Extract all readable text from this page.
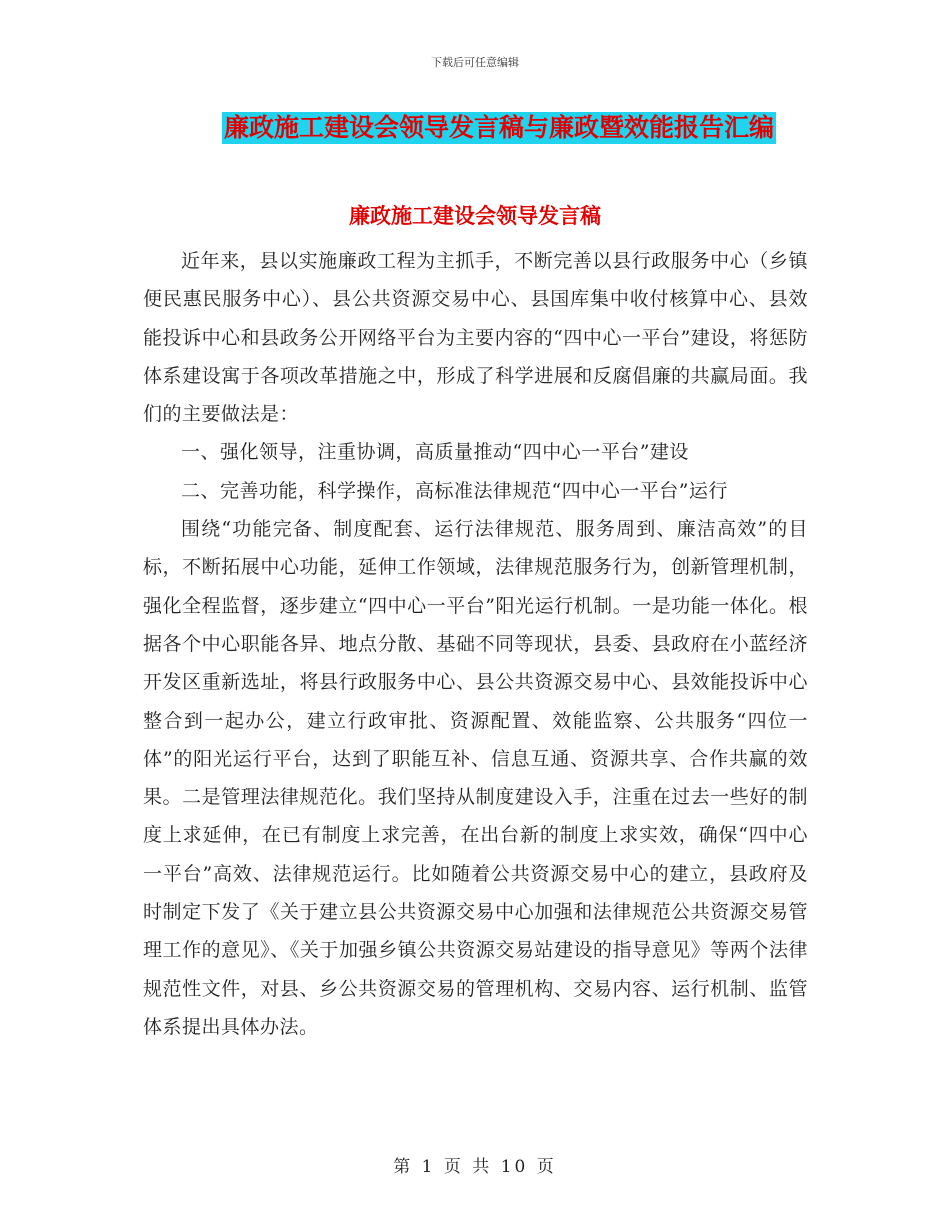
下载后可任意编辑
廉政施工建设会领导发言稿与廉政暨效能报告汇编
廉政施工建设会领导发言稿

近年来，县以实施廉政工程为主抓手，不断完善以县行政服务中心（乡镇便民惠民服务中心）、县公共资源交易中心、县国库集中收付核算中心、县效能投诉中心和县政务公开网络平台为主要内容的“四中心一平台”建设，将惩防体系建设寓于各项改革措施之中，形成了科学进展和反腐倡廉的共赢局面。我们的主要做法是：

一、强化领导，注重协调，高质量推动“四中心一平台”建设

二、完善功能，科学操作，高标准法律规范“四中心一平台”运行

围绕“功能完备、制度配套、运行法律规范、服务周到、廉洁高效”的目标，不断拓展中心功能，延伸工作领域，法律规范服务行为，创新管理机制，强化全程监督，逐步建立“四中心一平台”阳光运行机制。一是功能一体化。根据各个中心职能各异、地点分散、基础不同等现状，县委、县政府在小蓝经济开发区重新选址，将县行政服务中心、县公共资源交易中心、县效能投诉中心整合到一起办公，建立行政审批、资源配置、效能监察、公共服务“四位一体”的阳光运行平台，达到了职能互补、信息互通、资源共享、合作共赢的效果。二是管理法律规范化。我们坚持从制度建设入手，注重在过去一些好的制度上求延伸，在已有制度上求完善，在出台新的制度上求实效，确保“四中心一平台”高效、法律规范运行。比如随着公共资源交易中心的建立，县政府及时制定下发了《关于建立县公共资源交易中心加强和法律规范公共资源交易管理工作的意见》、《关于加强乡镇公共资源交易站建设的指导意见》等两个法律规范性文件，对县、乡公共资源交易的管理机构、交易内容、运行机制、监管体系提出具体办法。

第 1 页 共 10 页
